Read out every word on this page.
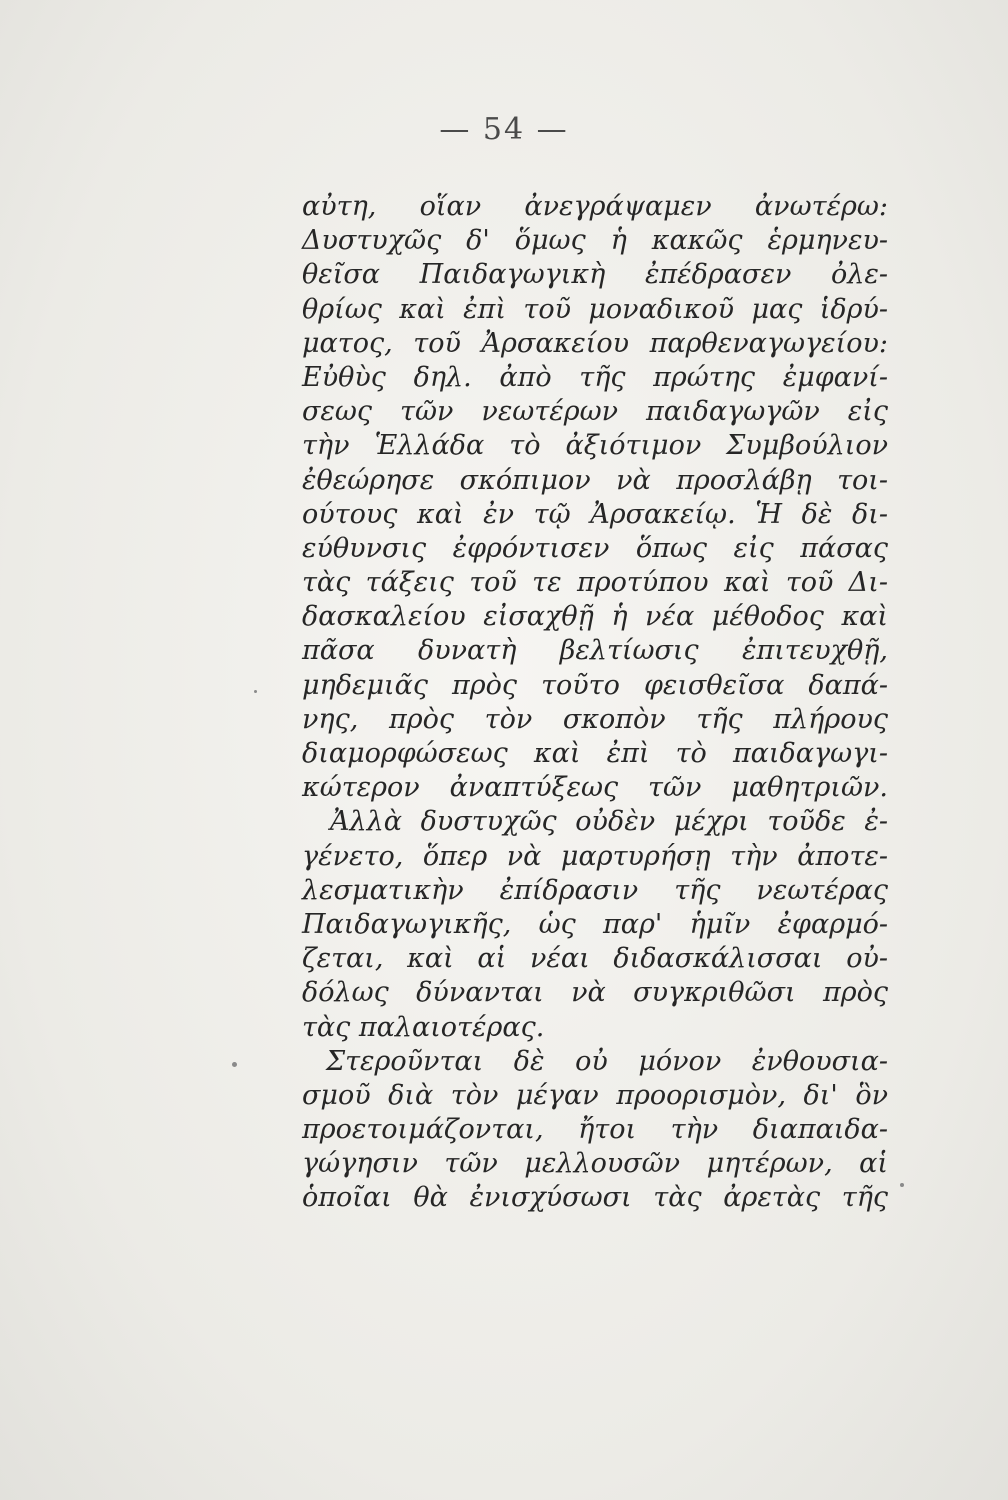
— 54 —
αὐτη, οἵαν ἀνεγράψαμεν ἀνωτέρω:
Δυστυχῶς δ' ὅμως ἡ κακῶς ἑρμηνευ-
θεῖσα Παιδαγωγικὴ ἐπέδρασεν ὀλε-
θρίως καὶ ἐπὶ τοῦ μοναδικοῦ μας ἱδρύ-
ματος, τοῦ Ἀρσακείου παρθεναγωγείου:
Εὐθὺς δηλ. ἀπὸ τῆς πρώτης ἐμφανί-
σεως τῶν νεωτέρων παιδαγωγῶν εἰς
τὴν Ἑλλάδα τὸ ἀξιότιμον Συμβούλιον
ἐθεώρησε σκόπιμον νὰ προσλάβῃ τοι-
ούτους καὶ ἐν τῷ Ἀρσακείῳ. Ἡ δὲ δι-
εύθυνσις ἐφρόντισεν ὅπως εἰς πάσας
τὰς τάξεις τοῦ τε προτύπου καὶ τοῦ Δι-
δασκαλείου εἰσαχθῇ ἡ νέα μέθοδος καὶ
πᾶσα δυνατὴ βελτίωσις ἐπιτευχθῇ,
μηδεμιᾶς πρὸς τοῦτο φεισθεῖσα δαπά-
νης, πρὸς τὸν σκοπὸν τῆς πλήρους
διαμορφώσεως καὶ ἐπὶ τὸ παιδαγωγι-
κώτερον ἀναπτύξεως τῶν μαθητριῶν.
Ἀλλὰ δυστυχῶς οὐδὲν μέχρι τοῦδε ἐ-
γένετο, ὅπερ νὰ μαρτυρήσῃ τὴν ἀποτε-
λεσματικὴν ἐπίδρασιν τῆς νεωτέρας
Παιδαγωγικῆς, ὡς παρ' ἡμῖν ἐφαρμό-
ζεται, καὶ αἱ νέαι διδασκάλισσαι οὐ-
δόλως δύνανται νὰ συγκριθῶσι πρὸς
τὰς παλαιοτέρας.
Στεροῦνται δὲ οὐ μόνον ἐνθουσια-
σμοῦ διὰ τὸν μέγαν προορισμὸν, δι' ὃν
προετοιμάζονται, ἤτοι τὴν διαπαιδα-
γώγησιν τῶν μελλουσῶν μητέρων, αἱ
ὁποῖαι θὰ ἐνισχύσωσι τὰς ἀρετὰς τῆς
